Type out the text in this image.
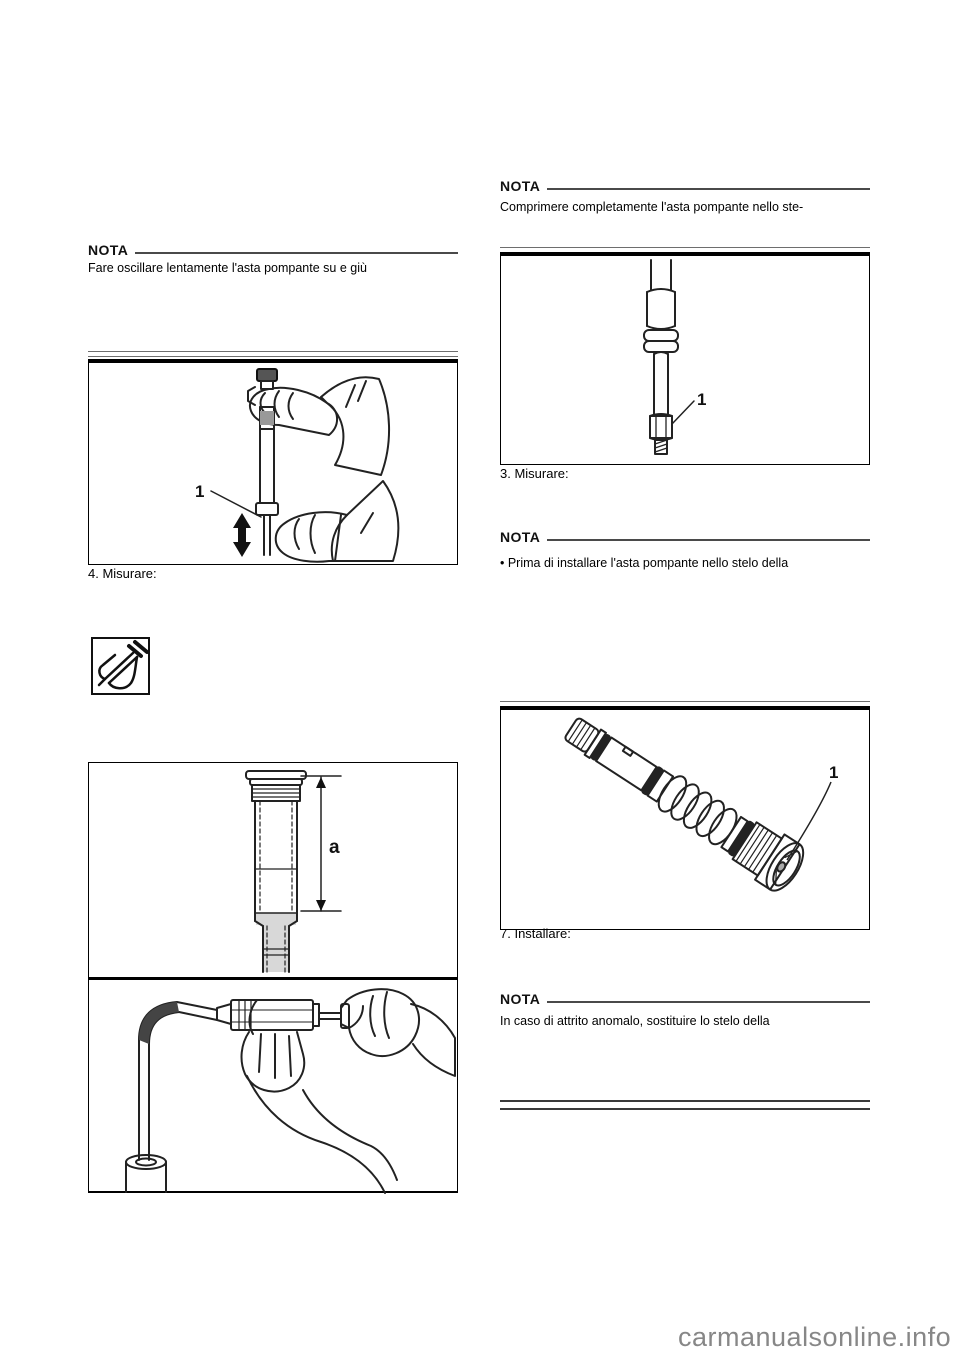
NOTA
Fare oscillare lentamente l'asta pompante su e giù
1
4. Misurare:
a
NOTA
Comprimere completamente l'asta pompante nello ste-
1
3. Misurare:
NOTA
• Prima di installare l'asta pompante nello stelo della
1
7. Installare:
NOTA
In caso di attrito anomalo, sostituire lo stelo della
carmanualsonline.info
